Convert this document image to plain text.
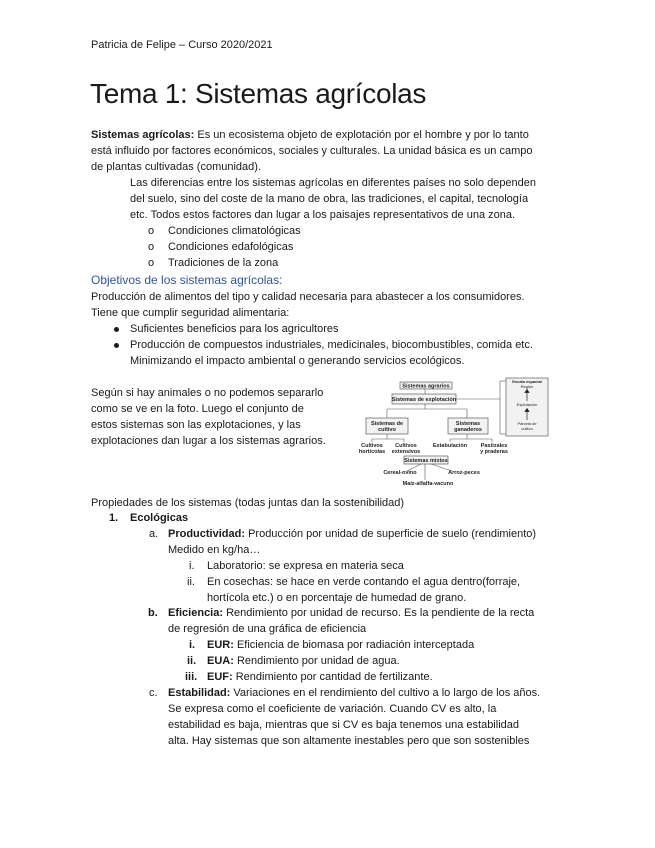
Patricia de Felipe – Curso 2020/2021
Tema 1: Sistemas agrícolas
Sistemas agrícolas: Es un ecosistema objeto de explotación por el hombre y por lo tanto
está influido por factores económicos, sociales y culturales. La unidad básica es un campo
de plantas cultivadas (comunidad).
Las diferencias entre los sistemas agrícolas en diferentes países no solo dependen
del suelo, sino del coste de la mano de obra, las tradiciones, el capital, tecnología
etc. Todos estos factores dan lugar a los paisajes representativos de una zona.
o Condiciones climatológicas
o Condiciones edafológicas
o Tradiciones de la zona
Objetivos de los sistemas agrícolas:
Producción de alimentos del tipo y calidad necesaria para abastecer a los consumidores.
Tiene que cumplir seguridad alimentaria:
Suficientes beneficios para los agricultores
Producción de compuestos industriales, medicinales, biocombustibles, comida etc.
Minimizando el impacto ambiental o generando servicios ecológicos.
Según si hay animales o no podemos separarlo
como se ve en la foto. Luego el conjunto de
estos sistemas son las explotaciones, y las
explotaciones dan lugar a los sistemas agrarios.
Sistemas agrarios
Sistemas de explotación
Sistemas de
cultivo
Sistemas
ganaderos
Cultivos
hortícolas
Cultivos
extensivos
Estabulación Pastizales
y praderas
Sistemas mixtos
Cereal-ovino	Arroz-peces
Maíz-alfalfa-vacuno
Escala espacial
Región
Explotación
Parcela de
cultivo
Propiedades de los sistemas (todas juntas dan la sostenibilidad)
1. Ecológicas
a. Productividad: Producción por unidad de superficie de suelo (rendimiento)
Medido en kg/ha…
i. Laboratorio: se expresa en materia seca
ii. En cosechas: se hace en verde contando el agua dentro(forraje,
hortícola etc.) o en porcentaje de humedad de grano.
b. Eficiencia: Rendimiento por unidad de recurso. Es la pendiente de la recta
de regresión de una gráfica de eficiencia
i. EUR: Eficiencia de biomasa por radiación interceptada
ii. EUA: Rendimiento por unidad de agua.
iii. EUF: Rendimiento por cantidad de fertilizante.
c. Estabilidad: Variaciones en el rendimiento del cultivo a lo largo de los años.
Se expresa como el coeficiente de variación. Cuando CV es alto, la
estabilidad es baja, mientras que si CV es baja tenemos una estabilidad
alta. Hay sistemas que son altamente inestables pero que son sostenibles
